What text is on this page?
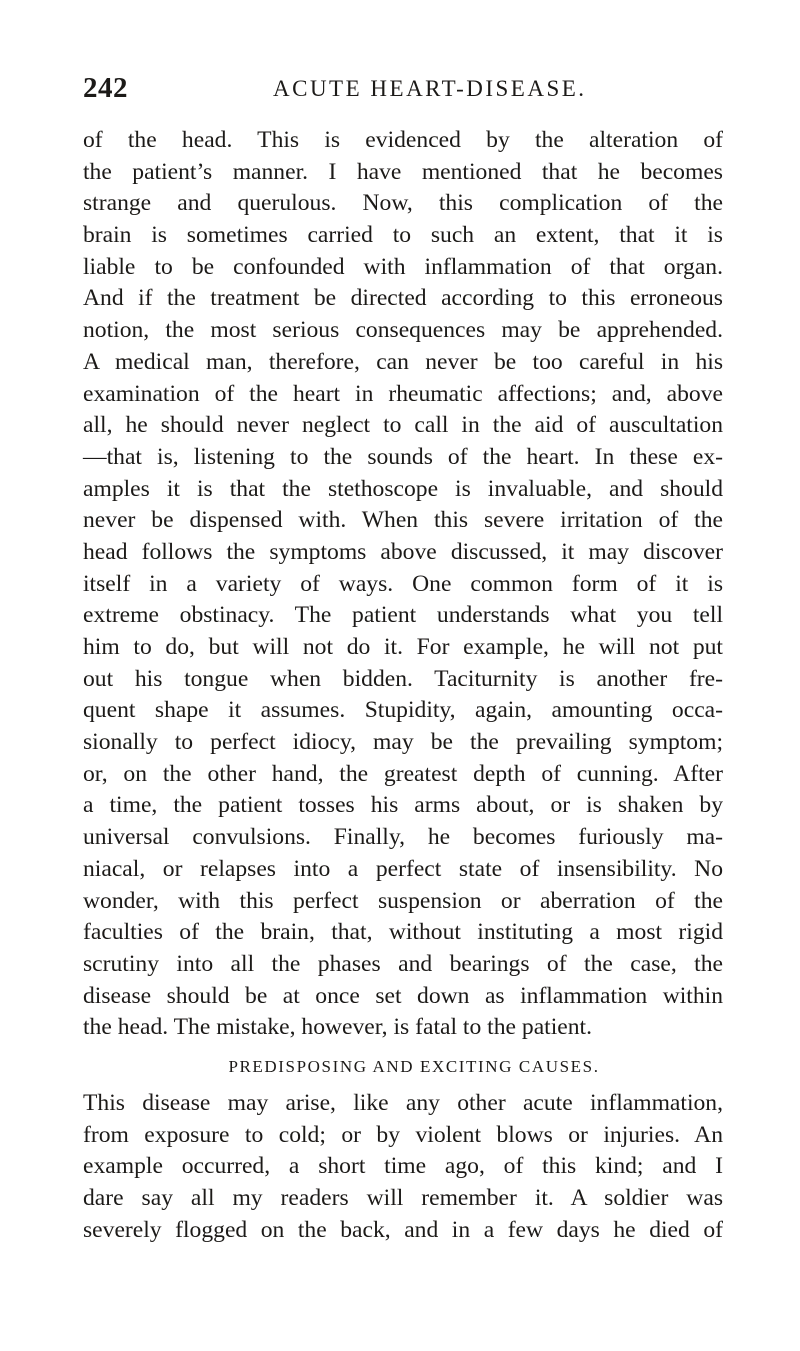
242	ACUTE HEART-DISEASE.
of the head. This is evidenced by the alteration of
the patient’s manner. I have mentioned that he becomes
strange and querulous. Now, this complication of the
brain is sometimes carried to such an extent, that it is
liable to be confounded with inflammation of that organ.
And if the treatment be directed according to this erroneous
notion, the most serious consequences may be apprehended.
A medical man, therefore, can never be too careful in his
examination of the heart in rheumatic affections; and, above
all, he should never neglect to call in the aid of auscultation
—that is, listening to the sounds of the heart. In these ex-
amples it is that the stethoscope is invaluable, and should
never be dispensed with. When this severe irritation of the
head follows the symptoms above discussed, it may discover
itself in a variety of ways. One common form of it is
extreme obstinacy. The patient understands what you tell
him to do, but will not do it. For example, he will not put
out his tongue when bidden. Taciturnity is another fre-
quent shape it assumes. Stupidity, again, amounting occa-
sionally to perfect idiocy, may be the prevailing symptom;
or, on the other hand, the greatest depth of cunning. After
a time, the patient tosses his arms about, or is shaken by
universal convulsions. Finally, he becomes furiously ma-
niacal, or relapses into a perfect state of insensibility. No
wonder, with this perfect suspension or aberration of the
faculties of the brain, that, without instituting a most rigid
scrutiny into all the phases and bearings of the case, the
disease should be at once set down as inflammation within
the head. The mistake, however, is fatal to the patient.
PREDISPOSING AND EXCITING CAUSES.
This disease may arise, like any other acute inflammation,
from exposure to cold; or by violent blows or injuries. An
example occurred, a short time ago, of this kind; and I
dare say all my readers will remember it. A soldier was
severely flogged on the back, and in a few days he died of
